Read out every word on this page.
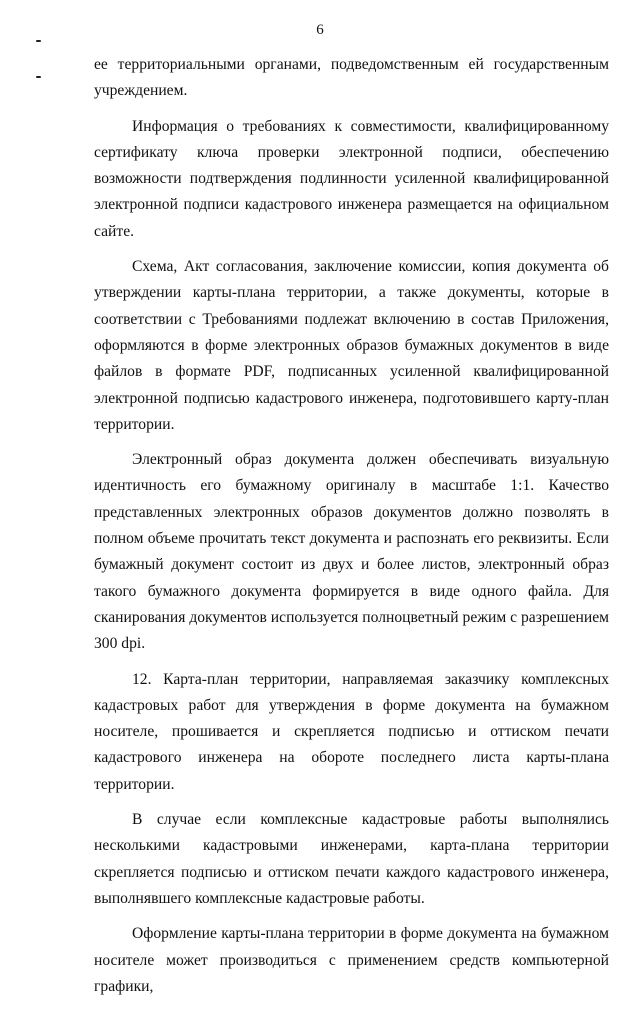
6

ее территориальными органами, подведомственным ей государственным учреждением.

Информация о требованиях к совместимости, квалифицированному сертификату ключа проверки электронной подписи, обеспечению возможности подтверждения подлинности усиленной квалифицированной электронной подписи кадастрового инженера размещается на официальном сайте.

Схема, Акт согласования, заключение комиссии, копия документа об утверждении карты-плана территории, а также документы, которые в соответствии с Требованиями подлежат включению в состав Приложения, оформляются в форме электронных образов бумажных документов в виде файлов в формате PDF, подписанных усиленной квалифицированной электронной подписью кадастрового инженера, подготовившего карту-план территории.

Электронный образ документа должен обеспечивать визуальную идентичность его бумажному оригиналу в масштабе 1:1. Качество представленных электронных образов документов должно позволять в полном объеме прочитать текст документа и распознать его реквизиты. Если бумажный документ состоит из двух и более листов, электронный образ такого бумажного документа формируется в виде одного файла. Для сканирования документов используется полноцветный режим с разрешением 300 dpi.

12. Карта-план территории, направляемая заказчику комплексных кадастровых работ для утверждения в форме документа на бумажном носителе, прошивается и скрепляется подписью и оттиском печати кадастрового инженера на обороте последнего листа карты-плана территории.

В случае если комплексные кадастровые работы выполнялись несколькими кадастровыми инженерами, карта-плана территории скрепляется подписью и оттиском печати каждого кадастрового инженера, выполнявшего комплексные кадастровые работы.

Оформление карты-плана территории в форме документа на бумажном носителе может производиться с применением средств компьютерной графики,
